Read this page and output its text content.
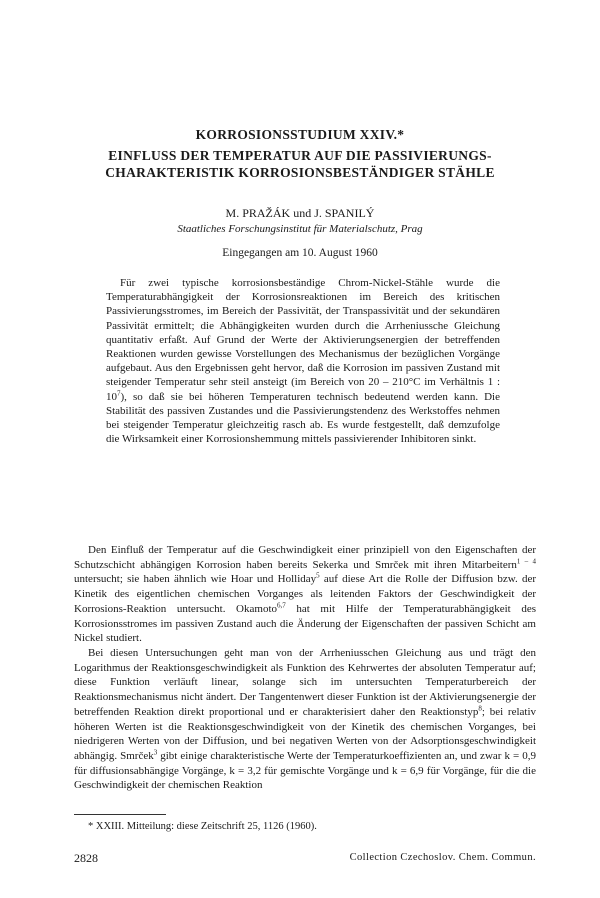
KORROSIONSSTUDIUM XXIV.*
EINFLUSS DER TEMPERATUR AUF DIE PASSIVIERUNGS-
CHARAKTERISTIK KORROSIONSBESTÄNDIGER STÄHLE
M. PRAŽÁK und J. SPANILÝ
Staatliches Forschungsinstitut für Materialschutz, Prag
Eingegangen am 10. August 1960

Für zwei typische korrosionsbeständige Chrom-Nickel-Stähle wurde die Temperaturabhängigkeit der Korrosionsreaktionen im Bereich des kritischen Passivierungsstromes, im Bereich der Passivität, der Transpassivität und der sekundären Passivität ermittelt; die Abhängigkeiten wurden durch die Arrheniussche Gleichung quantitativ erfaßt. Auf Grund der Werte der Aktivierungsenergien der betreffenden Reaktionen wurden gewisse Vorstellungen des Mechanismus der bezüglichen Vorgänge aufgebaut. Aus den Ergebnissen geht hervor, daß die Korrosion im passiven Zustand mit steigender Temperatur sehr steil ansteigt (im Bereich von 20 – 210°C im Verhältnis 1 : $10^7$), so daß sie bei höheren Temperaturen technisch bedeutend werden kann. Die Stabilität des passiven Zustandes und die Passivierungstendenz des Werkstoffes nehmen bei steigender Temperatur gleichzeitig rasch ab. Es wurde festgestellt, daß demzufolge die Wirksamkeit einer Korrosionshemmung mittels passivierender Inhibitoren sinkt.

Den Einfluß der Temperatur auf die Geschwindigkeit einer prinzipiell von den Eigenschaften der Schutzschicht abhängigen Korrosion haben bereits Sekerka und Smrček mit ihren Mitarbeitern$^{1 - 4}$ untersucht; sie haben ähnlich wie Hoar und Holliday$^5$ auf diese Art die Rolle der Diffusion bzw. der Kinetik des eigentlichen chemischen Vorganges als leitenden Faktors der Geschwindigkeit der Korrosions-Reaktion untersucht. Okamoto$^{6,7}$ hat mit Hilfe der Temperaturabhängigkeit des Korrosionsstromes im passiven Zustand auch die Änderung der Eigenschaften der passiven Schicht am Nickel studiert.

Bei diesen Untersuchungen geht man von der Arrheniusschen Gleichung aus und trägt den Logarithmus der Reaktionsgeschwindigkeit als Funktion des Kehrwertes der absoluten Temperatur auf; diese Funktion verläuft linear, solange sich im untersuchten Temperaturbereich der Reaktionsmechanismus nicht ändert. Der Tangentenwert dieser Funktion ist der Aktivierungsenergie der betreffenden Reaktion direkt proportional und er charakterisiert daher den Reaktionstyp$^8$; bei relativ höheren Werten ist die Reaktionsgeschwindigkeit von der Kinetik des chemischen Vorganges, bei niedrigeren Werten von der Diffusion, und bei negativen Werten von der Adsorptionsgeschwindigkeit abhängig. Smrček$^3$ gibt einige charakteristische Werte der Temperaturkoeffizienten an, und zwar k = 0,9 für diffusionsabhängige Vorgänge, k = 3,2 für gemischte Vorgänge und k = 6,9 für Vorgänge, für die die Geschwindigkeit der chemischen Reaktion

* XXIII. Mitteilung: diese Zeitschrift 25, 1126 (1960).
2828	Collection Czechoslov. Chem. Commun.
